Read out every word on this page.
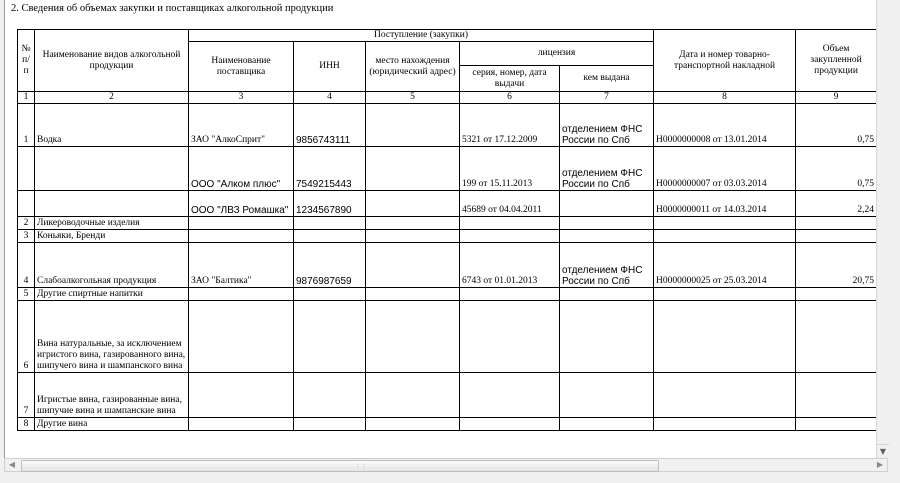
2. Сведения об объемах закупки и поставщиках алкогольной продукции
№ п/п	Наименование видов алкогольной продукции	Поступление (закупки)					Дата и номер товарно-транспортной накладной	Объем закупленной продукции
		Наименование поставщика	ИНН	место нахождения (юридический адрес)	лицензия			
					серия, номер, дата выдачи	кем выдана		
1	2	3	4	5	6	7	8	9
1	Водка	ЗАО "АлкоСприт"	9856743111		5321 от 17.12.2009	отделением ФНС России по Спб	Н0000000008 от 13.01.2014	0,75
		ООО "Алком плюс"	7549215443		199 от 15.11.2013	отделением ФНС России по Спб	Н0000000007 от 03.03.2014	0,75
		ООО "ЛВЗ Ромашка"	1234567890		45689 от 04.04.2011		Н0000000011 от 14.03.2014	2,24
2	Ликероводочные изделия							
3	Коньяки, Бренди							
4	Слабоалкогольная продукция	ЗАО "Балтика"	9876987659		6743 от 01.01.2013	отделением ФНС России по Спб	Н0000000025 от 25.03.2014	20,75
5	Другие спиртные напитки							
6	Вина натуральные, за исключением игристого вина, газированного вина, шипучего вина и шампанского вина							
7	Игристые вина, газированные вина, шипучие вина и шампанские вина							
8	Другие вина							
▼
◀	⋮⋮	▶
